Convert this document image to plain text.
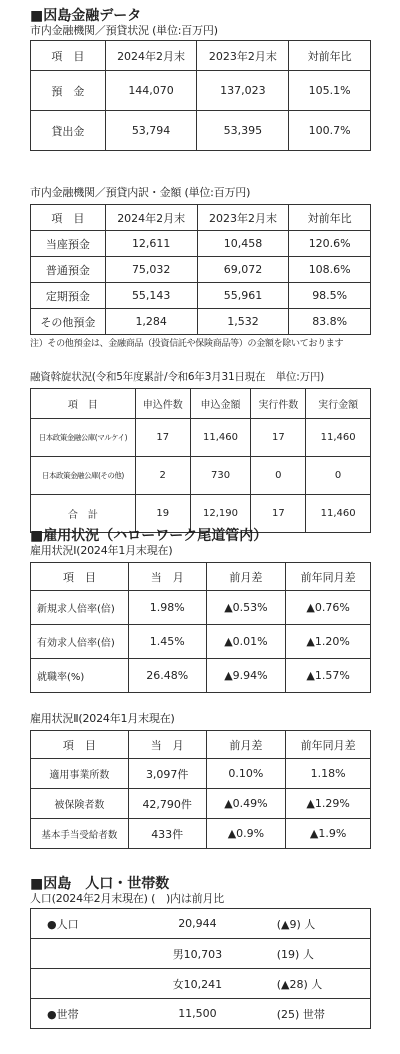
■因島金融データ
市内金融機関／預貸状況 (単位:百万円)
項　目	2024年2月末	2023年2月末	対前年比
預　金	144,070	137,023	105.1%
貸出金	53,794	53,395	100.7%
市内金融機関／預貸内訳・金額 (単位:百万円)
項　目	2024年2月末	2023年2月末	対前年比
当座預金	12,611	10,458	120.6%
普通預金	75,032	69,072	108.6%
定期預金	55,143	55,961	98.5%
その他預金	1,284	1,532	83.8%
注）その他預金は、金融商品（投資信託や保険商品等）の金額を除いております
融資斡旋状況(令和5年度累計/令和6年3月31日現在　単位:万円)
項　目	申込件数	申込金額	実行件数	実行金額
日本政策金融公庫(マルケイ)	17	11,460	17	11,460
日本政策金融公庫(その他)	2	730	0	0
合　計	19	12,190	17	11,460
■雇用状況（ハローワーク尾道管内）
雇用状況Ⅰ(2024年1月末現在)
項　目	当　月	前月差	前年同月差
新規求人倍率(倍)	1.98%	▲0.53%	▲0.76%
有効求人倍率(倍)	1.45%	▲0.01%	▲1.20%
就職率(%)	26.48%	▲9.94%	▲1.57%
雇用状況Ⅱ(2024年1月末現在)
項　目	当　月	前月差	前年同月差
適用事業所数	3,097件	0.10%	1.18%
被保険者数	42,790件	▲0.49%	▲1.29%
基本手当受給者数	433件	▲0.9%	▲1.9%
■因島　人口・世帯数
人口(2024年2月末現在) (　)内は前月比
●人口	20,944	(▲9) 人
	男10,703	(19) 人
	女10,241	(▲28) 人
●世帯	11,500	(25) 世帯
